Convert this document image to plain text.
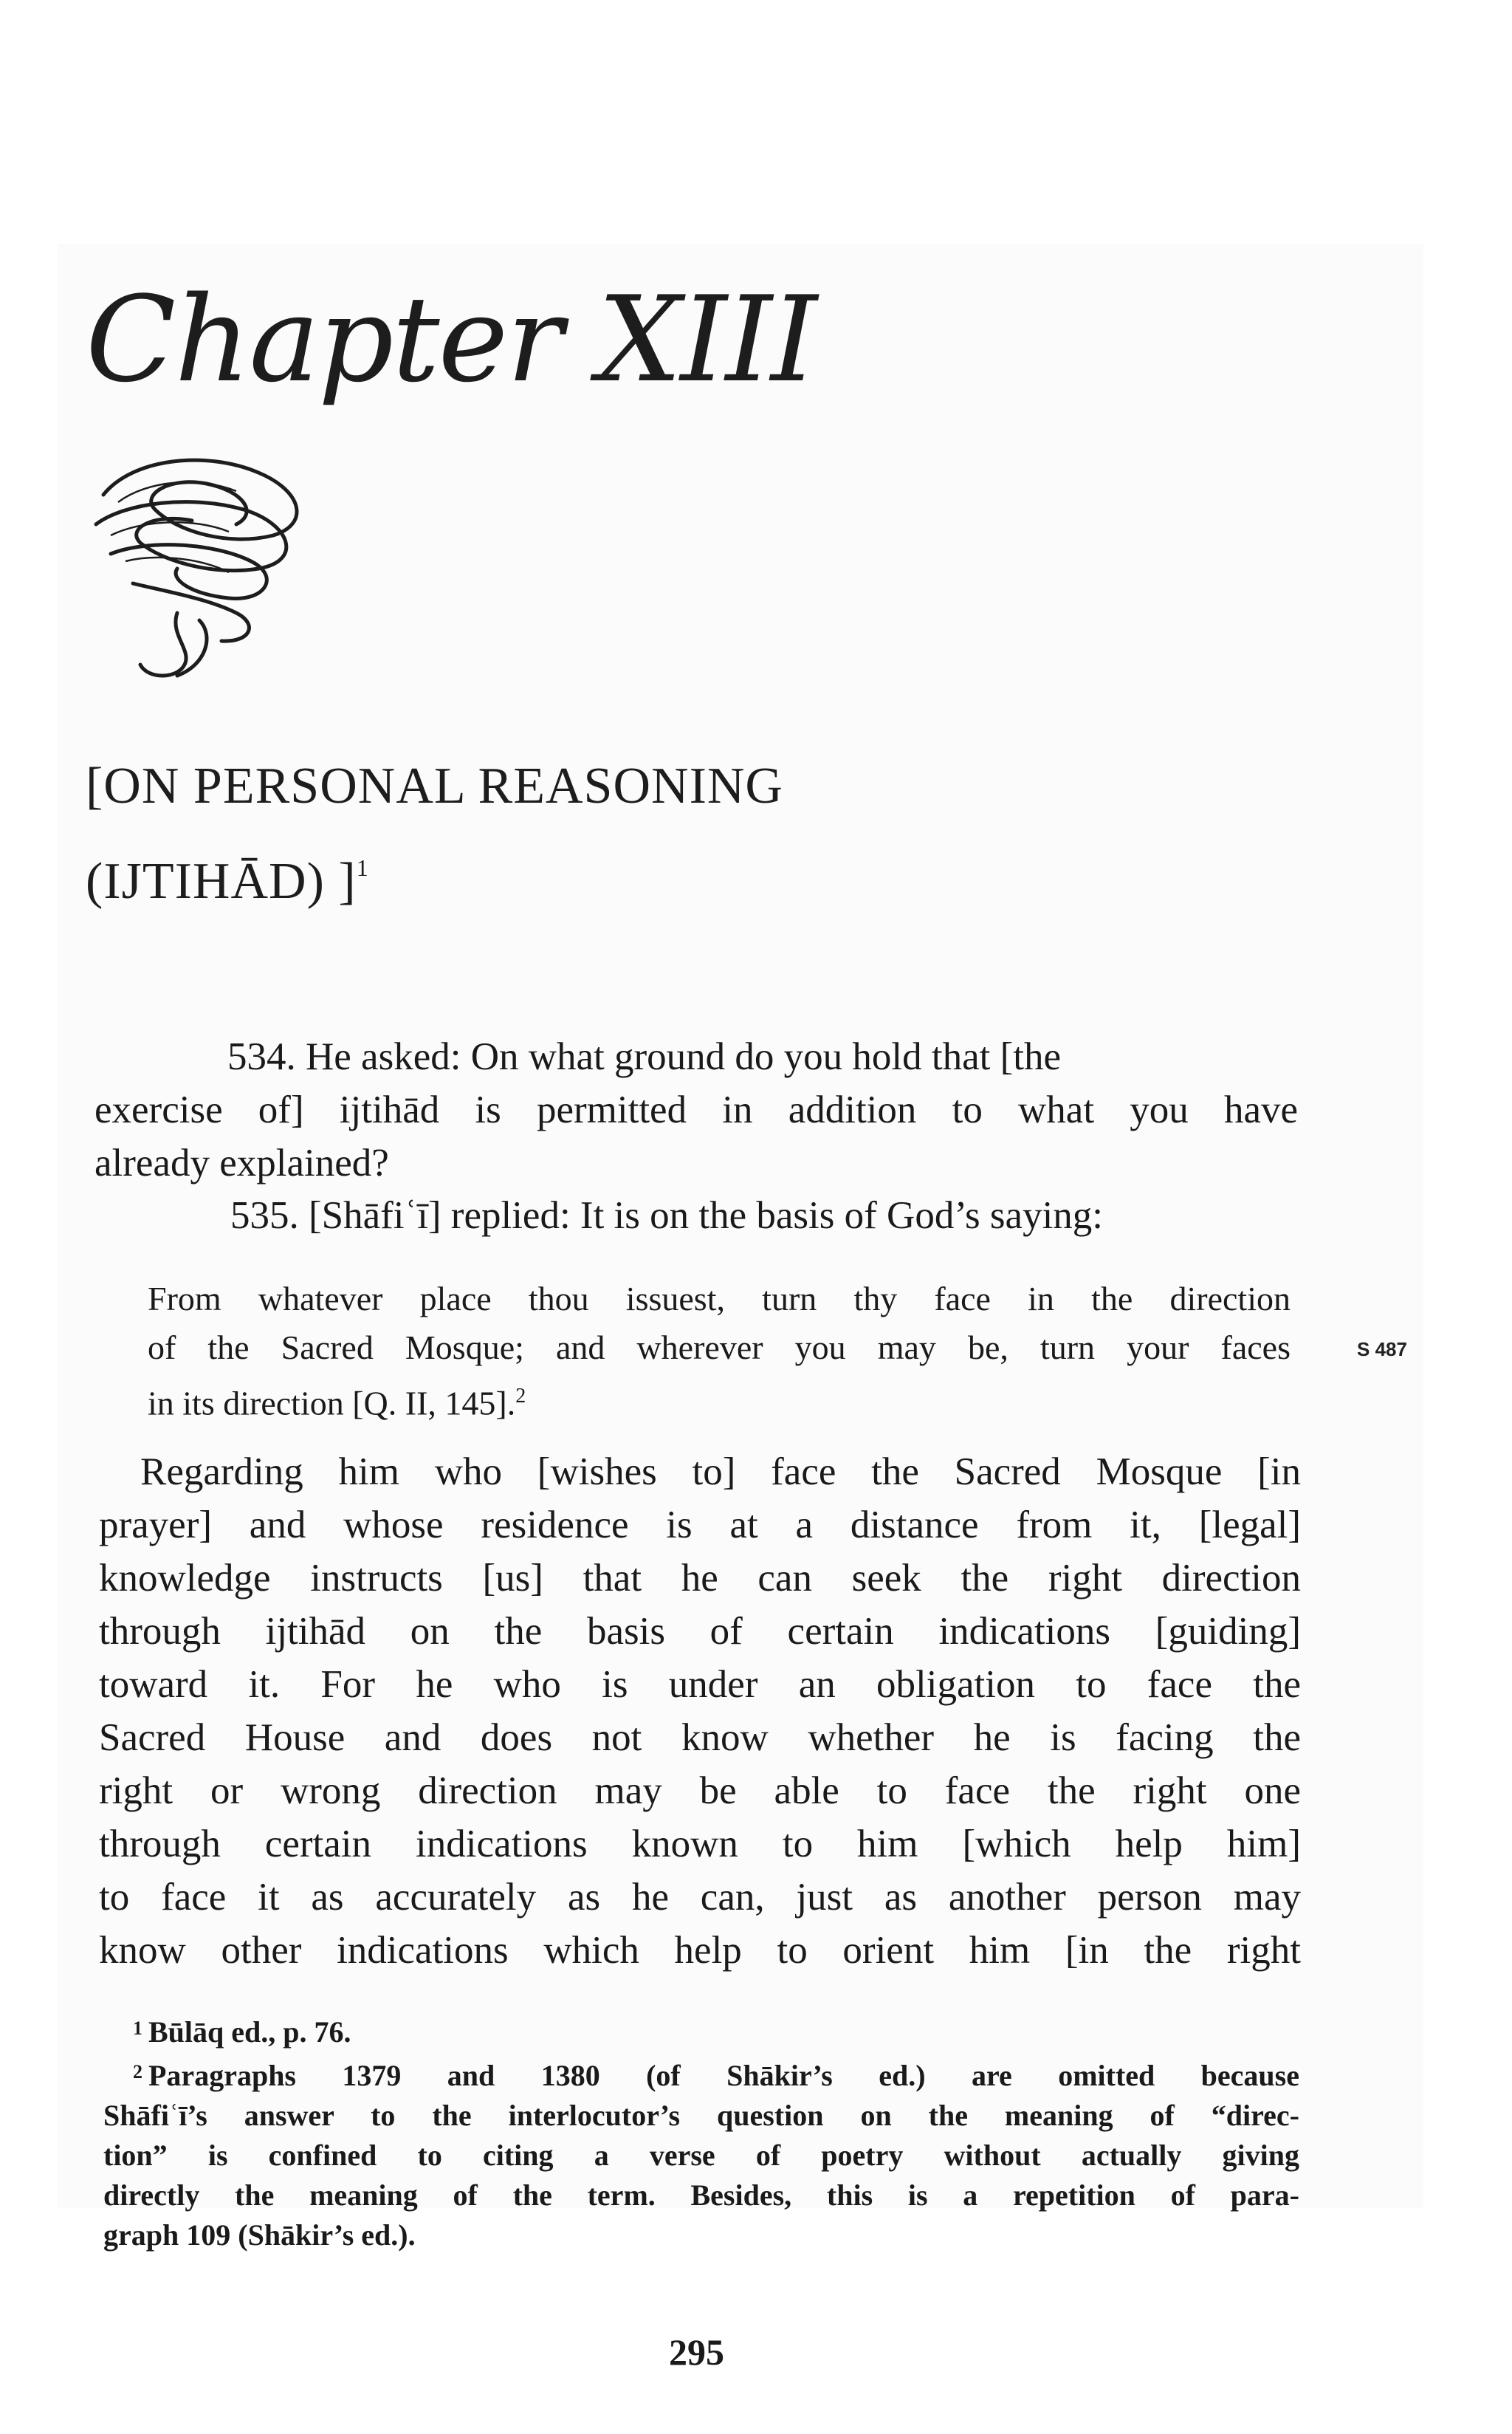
Chapter XIII
[ON PERSONAL REASONING
(IJTIHĀD) ]$^1$
534. He asked: On what ground do you hold that [the
exercise of] ijtihād is permitted in addition to what you have
already explained?
535. [Shāfiʿī] replied: It is on the basis of God’s saying:
From whatever place thou issuest, turn thy face in the direction
of the Sacred Mosque; and wherever you may be, turn your faces
in its direction [Q. II, 145].$^2$
S 487
Regarding him who [wishes to] face the Sacred Mosque [in
prayer] and whose residence is at a distance from it, [legal]
knowledge instructs [us] that he can seek the right direction
through ijtihād on the basis of certain indications [guiding]
toward it. For he who is under an obligation to face the
Sacred House and does not know whether he is facing the
right or wrong direction may be able to face the right one
through certain indications known to him [which help him]
to face it as accurately as he can, just as another person may
know other indications which help to orient him [in the right
$^1$ Būlāq ed., p. 76.
$^2$ Paragraphs 1379 and 1380 (of Shākir’s ed.) are omitted because
Shāfiʿī’s answer to the interlocutor’s question on the meaning of “direc-
tion” is confined to citing a verse of poetry without actually giving
directly the meaning of the term. Besides, this is a repetition of para-
graph 109 (Shākir’s ed.).
295
